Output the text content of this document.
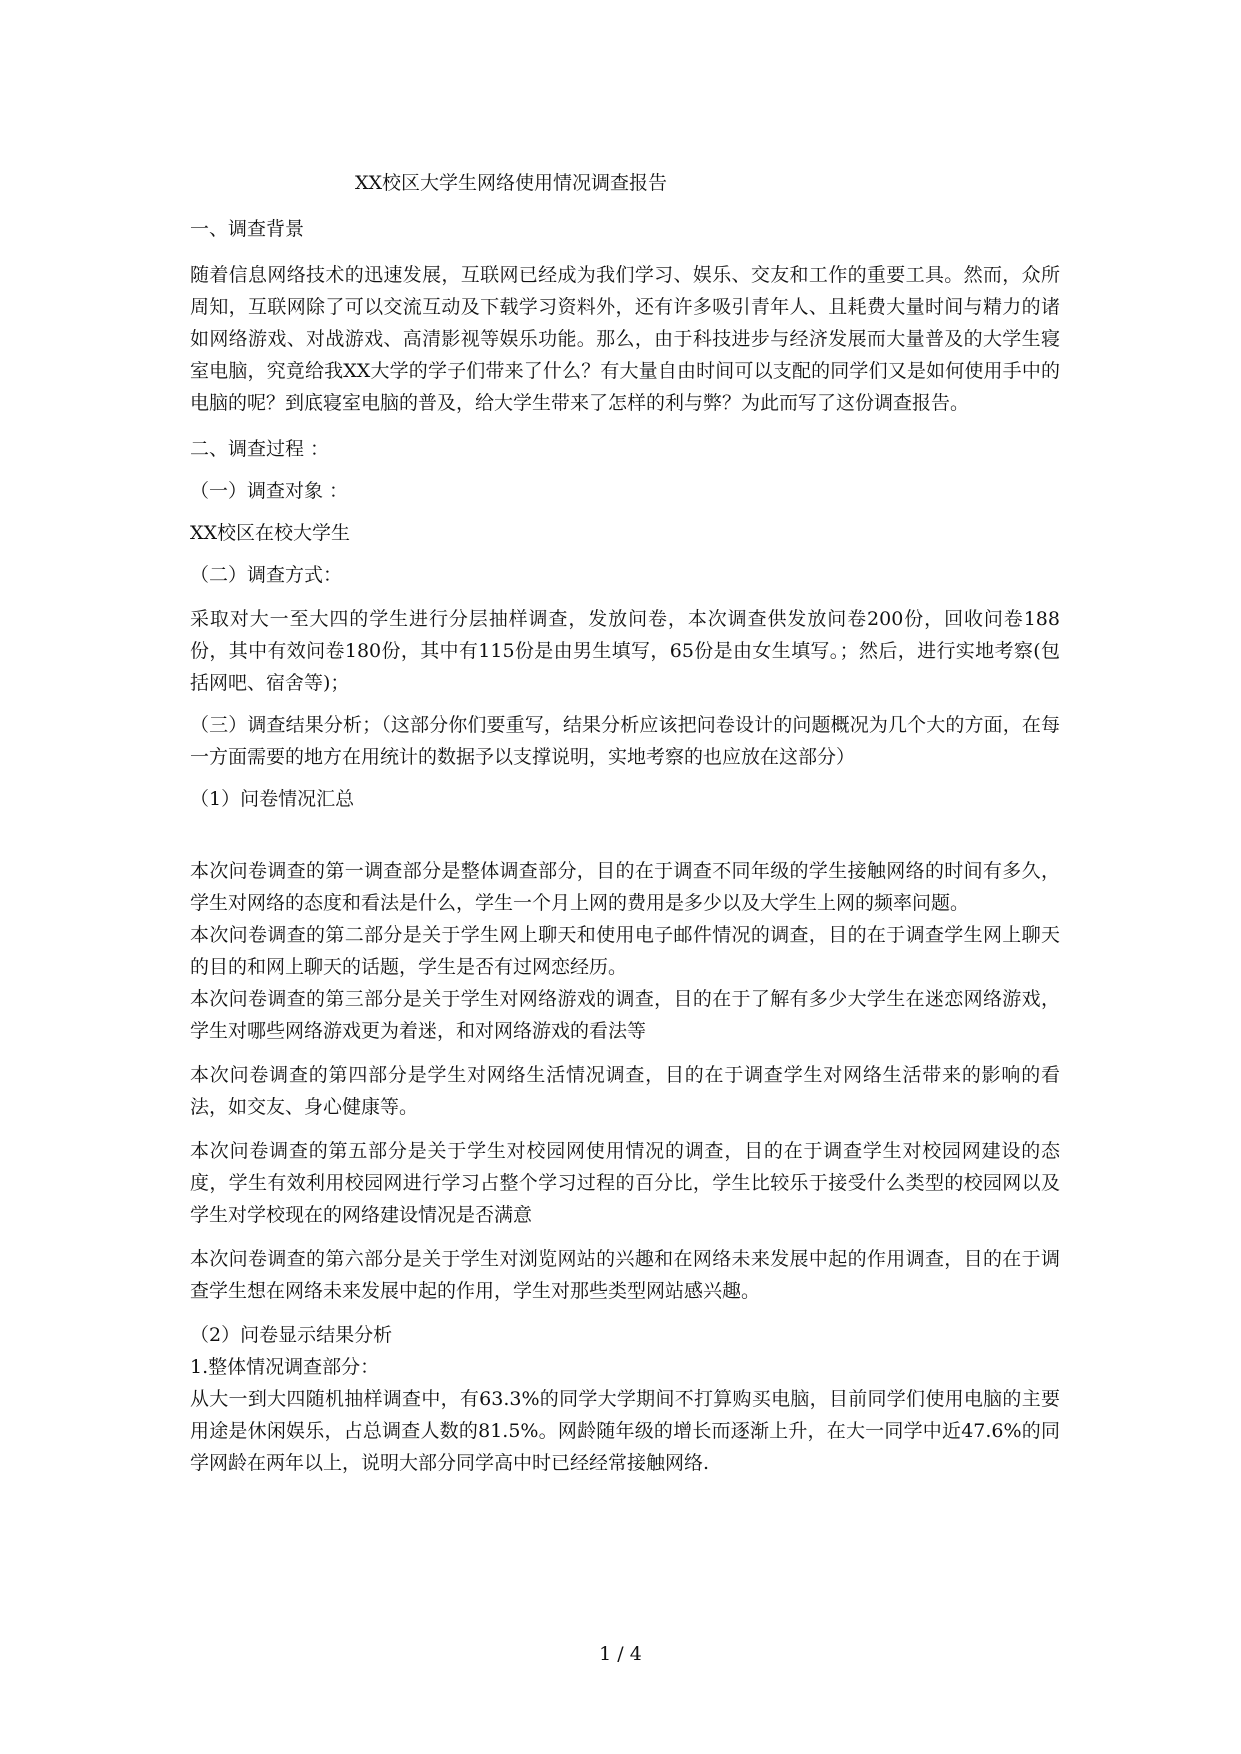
XX校区大学生网络使用情况调查报告

一、调查背景

随着信息网络技术的迅速发展，互联网已经成为我们学习、娱乐、交友和工作的重要工具。然而，众所周知，互联网除了可以交流互动及下载学习资料外，还有许多吸引青年人、且耗费大量时间与精力的诸如网络游戏、对战游戏、高清影视等娱乐功能。那么，由于科技进步与经济发展而大量普及的大学生寝室电脑，究竟给我XX大学的学子们带来了什么？有大量自由时间可以支配的同学们又是如何使用手中的电脑的呢？到底寝室电脑的普及，给大学生带来了怎样的利与弊？为此而写了这份调查报告。

二、调查过程 ：

（一）调查对象 ：

XX校区在校大学生

（二）调查方式：

采取对大一至大四的学生进行分层抽样调查，发放问卷，本次调查供发放问卷200份，回收问卷188份，其中有效问卷180份，其中有115份是由男生填写，65份是由女生填写。；然后，进行实地考察(包括网吧、宿舍等)；

（三）调查结果分析；（这部分你们要重写，结果分析应该把问卷设计的问题概况为几个大的方面，在每一方面需要的地方在用统计的数据予以支撑说明，实地考察的也应放在这部分）

（1）问卷情况汇总

本次问卷调查的第一调查部分是整体调查部分，目的在于调查不同年级的学生接触网络的时间有多久，学生对网络的态度和看法是什么，学生一个月上网的费用是多少以及大学生上网的频率问题。

本次问卷调查的第二部分是关于学生网上聊天和使用电子邮件情况的调查，目的在于调查学生网上聊天的目的和网上聊天的话题，学生是否有过网恋经历。

本次问卷调查的第三部分是关于学生对网络游戏的调查，目的在于了解有多少大学生在迷恋网络游戏，学生对哪些网络游戏更为着迷，和对网络游戏的看法等

本次问卷调查的第四部分是学生对网络生活情况调查，目的在于调查学生对网络生活带来的影响的看法，如交友、身心健康等。

本次问卷调查的第五部分是关于学生对校园网使用情况的调查，目的在于调查学生对校园网建设的态度，学生有效利用校园网进行学习占整个学习过程的百分比，学生比较乐于接受什么类型的校园网以及学生对学校现在的网络建设情况是否满意

本次问卷调查的第六部分是关于学生对浏览网站的兴趣和在网络未来发展中起的作用调查，目的在于调查学生想在网络未来发展中起的作用，学生对那些类型网站感兴趣。

（2）问卷显示结果分析

1.整体情况调查部分：

从大一到大四随机抽样调查中，有63.3%的同学大学期间不打算购买电脑，目前同学们使用电脑的主要用途是休闲娱乐，占总调查人数的81.5%。网龄随年级的增长而逐渐上升，在大一同学中近47.6%的同学网龄在两年以上，说明大部分同学高中时已经经常接触网络.

1 / 4
